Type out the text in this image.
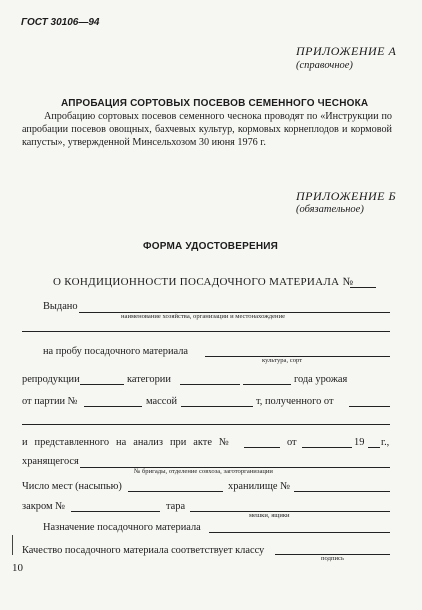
ГОСТ 30106—94
ПРИЛОЖЕНИЕ А
(справочное)
АПРОБАЦИЯ СОРТОВЫХ ПОСЕВОВ СЕМЕННОГО ЧЕСНОКА
Апробацию сортовых посевов семенного чеснока проводят по «Инструкции по апробации посевов овощных, бахчевых культур, кормовых корнеплодов и кормовой капусты», утвержденной Минсельхозом 30 июня 1976 г.
ПРИЛОЖЕНИЕ Б
(обязательное)
ФОРМА УДОСТОВЕРЕНИЯ
О КОНДИЦИОННОСТИ ПОСАДОЧНОГО МАТЕРИАЛА №
Выдано
наименование хозяйства, организации и местонахождение
на пробу посадочного материала
культура, сорт
репродукции	категории	года урожая
от партии №	массой	т, полученного от
и представленного на анализ при акте №	от	19 г.,
хранящегося
№ бригады, отделение совхоза, заготорганизации
Число мест (насыпью)	хранилище №
закром №	тара
мешки, ящики
Назначение посадочного материала
Качество посадочного материала соответствует классу
подпись
10
